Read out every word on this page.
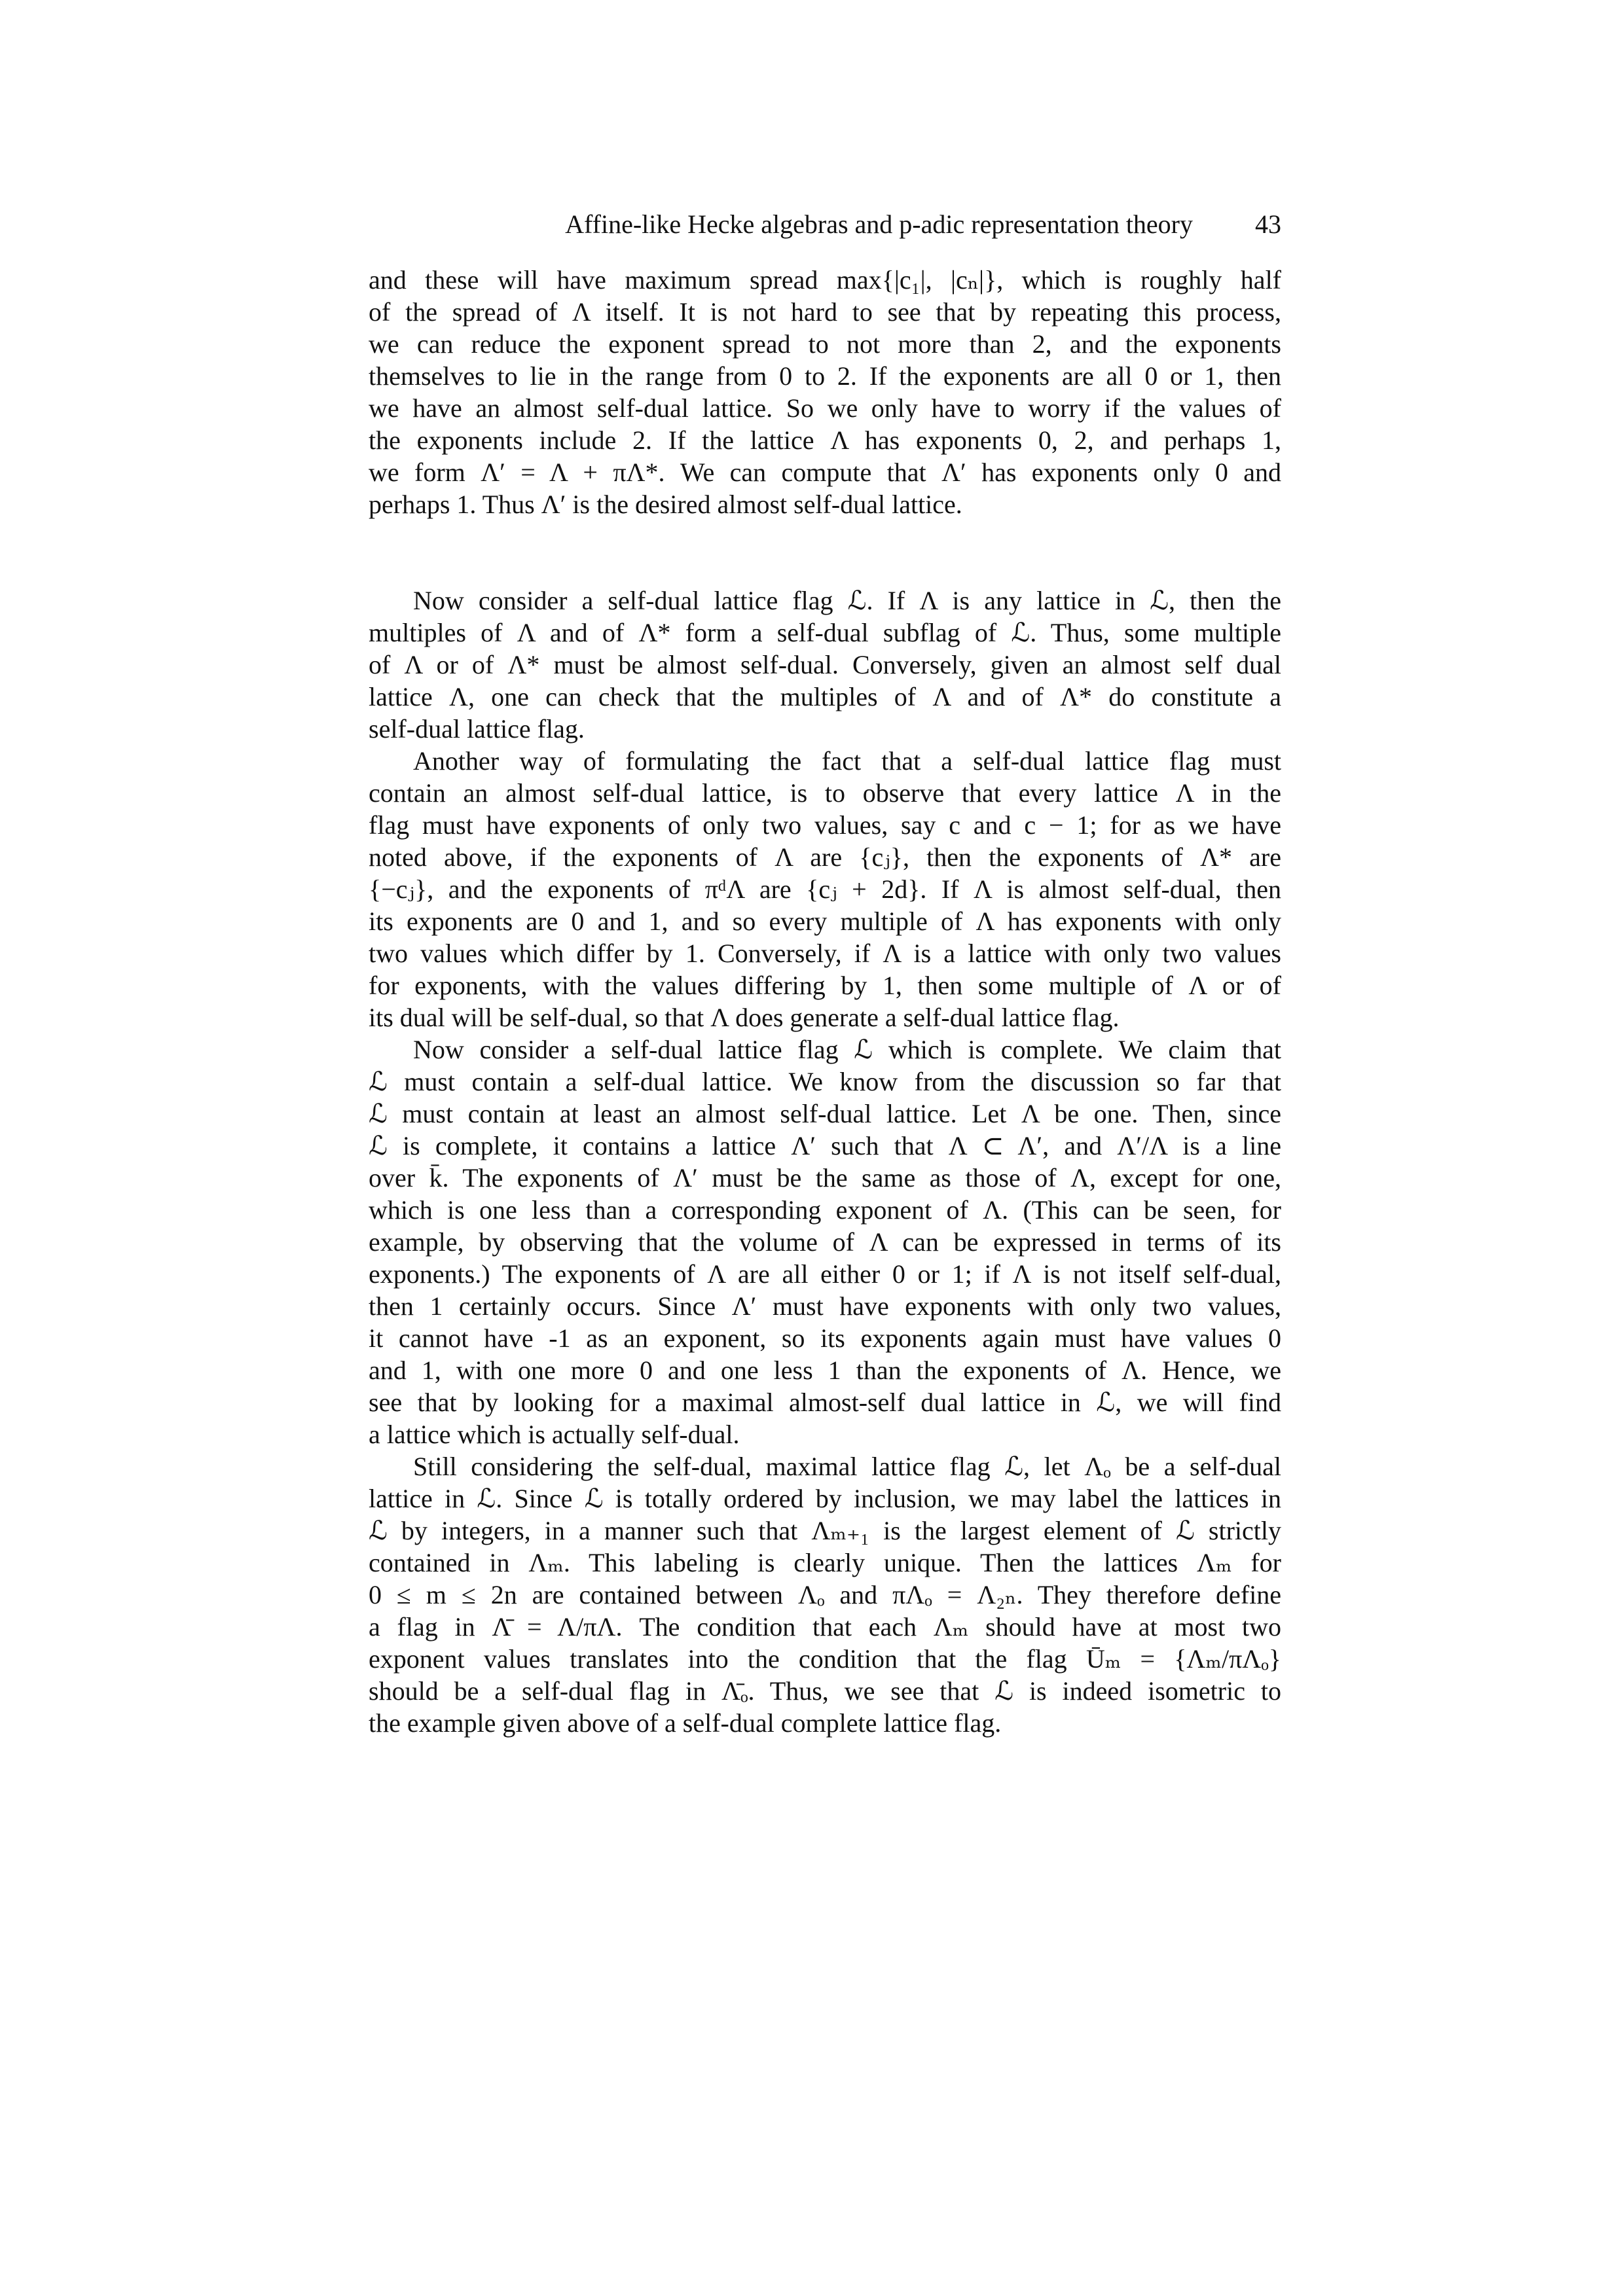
Affine-like Hecke algebras and p-adic representation theory 43
and these will have maximum spread max{|c₁|, |cₙ|}, which is roughly half
of the spread of Λ itself. It is not hard to see that by repeating this process,
we can reduce the exponent spread to not more than 2, and the exponents
themselves to lie in the range from 0 to 2. If the exponents are all 0 or 1, then
we have an almost self-dual lattice. So we only have to worry if the values of
the exponents include 2. If the lattice Λ has exponents 0, 2, and perhaps 1,
we form Λ′ = Λ + πΛ*. We can compute that Λ′ has exponents only 0 and
perhaps 1. Thus Λ′ is the desired almost self-dual lattice.
Now consider a self-dual lattice flag ℒ. If Λ is any lattice in ℒ, then the
multiples of Λ and of Λ* form a self-dual subflag of ℒ. Thus, some multiple
of Λ or of Λ* must be almost self-dual. Conversely, given an almost self dual
lattice Λ, one can check that the multiples of Λ and of Λ* do constitute a
self-dual lattice flag.
Another way of formulating the fact that a self-dual lattice flag must
contain an almost self-dual lattice, is to observe that every lattice Λ in the
flag must have exponents of only two values, say c and c − 1; for as we have
noted above, if the exponents of Λ are {cⱼ}, then the exponents of Λ* are
{−cⱼ}, and the exponents of πᵈΛ are {cⱼ + 2d}. If Λ is almost self-dual, then
its exponents are 0 and 1, and so every multiple of Λ has exponents with only
two values which differ by 1. Conversely, if Λ is a lattice with only two values
for exponents, with the values differing by 1, then some multiple of Λ or of
its dual will be self-dual, so that Λ does generate a self-dual lattice flag.
Now consider a self-dual lattice flag ℒ which is complete. We claim that
ℒ must contain a self-dual lattice. We know from the discussion so far that
ℒ must contain at least an almost self-dual lattice. Let Λ be one. Then, since
ℒ is complete, it contains a lattice Λ′ such that Λ ⊂ Λ′, and Λ′/Λ is a line
over k̄. The exponents of Λ′ must be the same as those of Λ, except for one,
which is one less than a corresponding exponent of Λ. (This can be seen, for
example, by observing that the volume of Λ can be expressed in terms of its
exponents.) The exponents of Λ are all either 0 or 1; if Λ is not itself self-dual,
then 1 certainly occurs. Since Λ′ must have exponents with only two values,
it cannot have -1 as an exponent, so its exponents again must have values 0
and 1, with one more 0 and one less 1 than the exponents of Λ. Hence, we
see that by looking for a maximal almost-self dual lattice in ℒ, we will find
a lattice which is actually self-dual.
Still considering the self-dual, maximal lattice flag ℒ, let Λₒ be a self-dual
lattice in ℒ. Since ℒ is totally ordered by inclusion, we may label the lattices in
ℒ by integers, in a manner such that Λₘ₊₁ is the largest element of ℒ strictly
contained in Λₘ. This labeling is clearly unique. Then the lattices Λₘ for
0 ≤ m ≤ 2n are contained between Λₒ and πΛₒ = Λ₂ₙ. They therefore define
a flag in Λ̄ = Λ/πΛ. The condition that each Λₘ should have at most two
exponent values translates into the condition that the flag Ūₘ = {Λₘ/πΛₒ}
should be a self-dual flag in Λ̄ₒ. Thus, we see that ℒ is indeed isometric to
the example given above of a self-dual complete lattice flag.
